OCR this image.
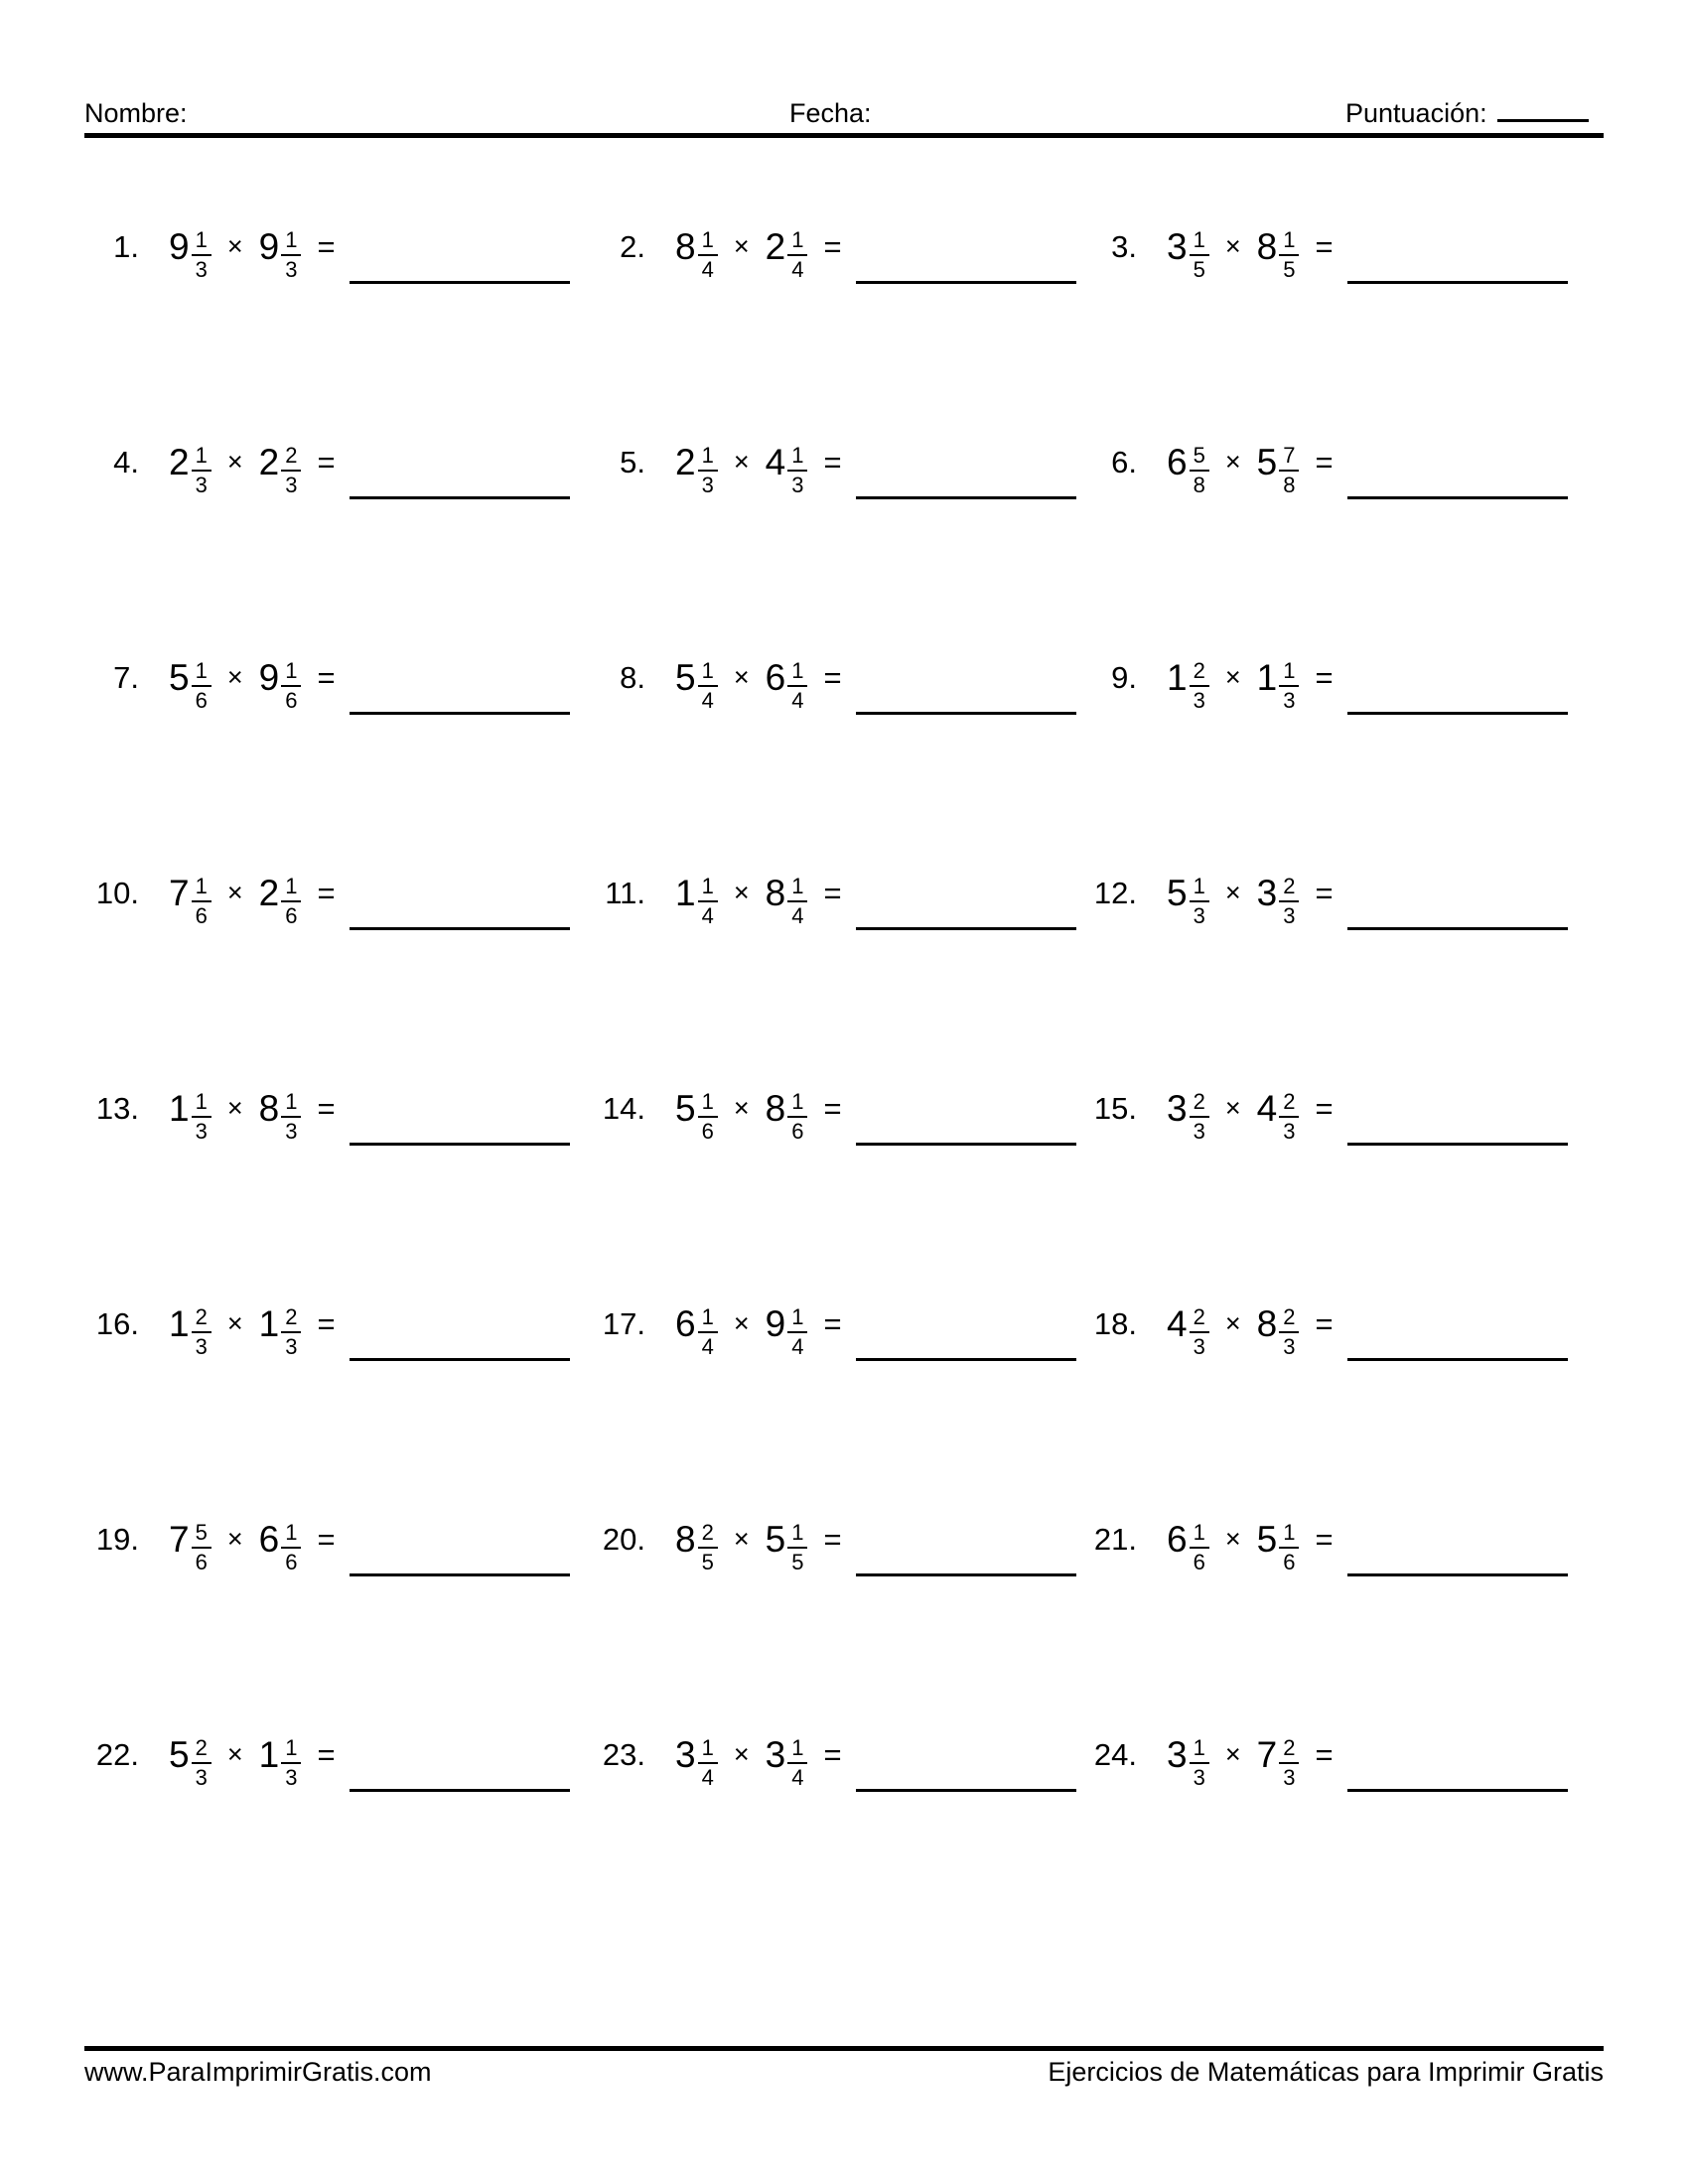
Nombre:	Fecha:	Puntuación:
1. $9 \frac{1}{3} \times 9 \frac{1}{3}$ =	2. $8 \frac{1}{4} \times 2 \frac{1}{4}$ =	3. $3 \frac{1}{5} \times 8 \frac{1}{5}$ =
4. $2 \frac{1}{3} \times 2 \frac{2}{3}$ =	5. $2 \frac{1}{3} \times 4 \frac{1}{3}$ =	6. $6 \frac{5}{8} \times 5 \frac{7}{8}$ =
7. $5 \frac{1}{6} \times 9 \frac{1}{6}$ =	8. $5 \frac{1}{4} \times 6 \frac{1}{4}$ =	9. $1 \frac{2}{3} \times 1 \frac{1}{3}$ =
10. $7 \frac{1}{6} \times 2 \frac{1}{6}$ =	11. $1 \frac{1}{4} \times 8 \frac{1}{4}$ =	12. $5 \frac{1}{3} \times 3 \frac{2}{3}$ =
13. $1 \frac{1}{3} \times 8 \frac{1}{3}$ =	14. $5 \frac{1}{6} \times 8 \frac{1}{6}$ =	15. $3 \frac{2}{3} \times 4 \frac{2}{3}$ =
16. $1 \frac{2}{3} \times 1 \frac{2}{3}$ =	17. $6 \frac{1}{4} \times 9 \frac{1}{4}$ =	18. $4 \frac{2}{3} \times 8 \frac{2}{3}$ =
19. $7 \frac{5}{6} \times 6 \frac{1}{6}$ =	20. $8 \frac{2}{5} \times 5 \frac{1}{5}$ =	21. $6 \frac{1}{6} \times 5 \frac{1}{6}$ =
22. $5 \frac{2}{3} \times 1 \frac{1}{3}$ =	23. $3 \frac{1}{4} \times 3 \frac{1}{4}$ =	24. $3 \frac{1}{3} \times 7 \frac{2}{3}$ =
www.ParaImprimirGratis.com	Ejercicios de Matemáticas para Imprimir Gratis
